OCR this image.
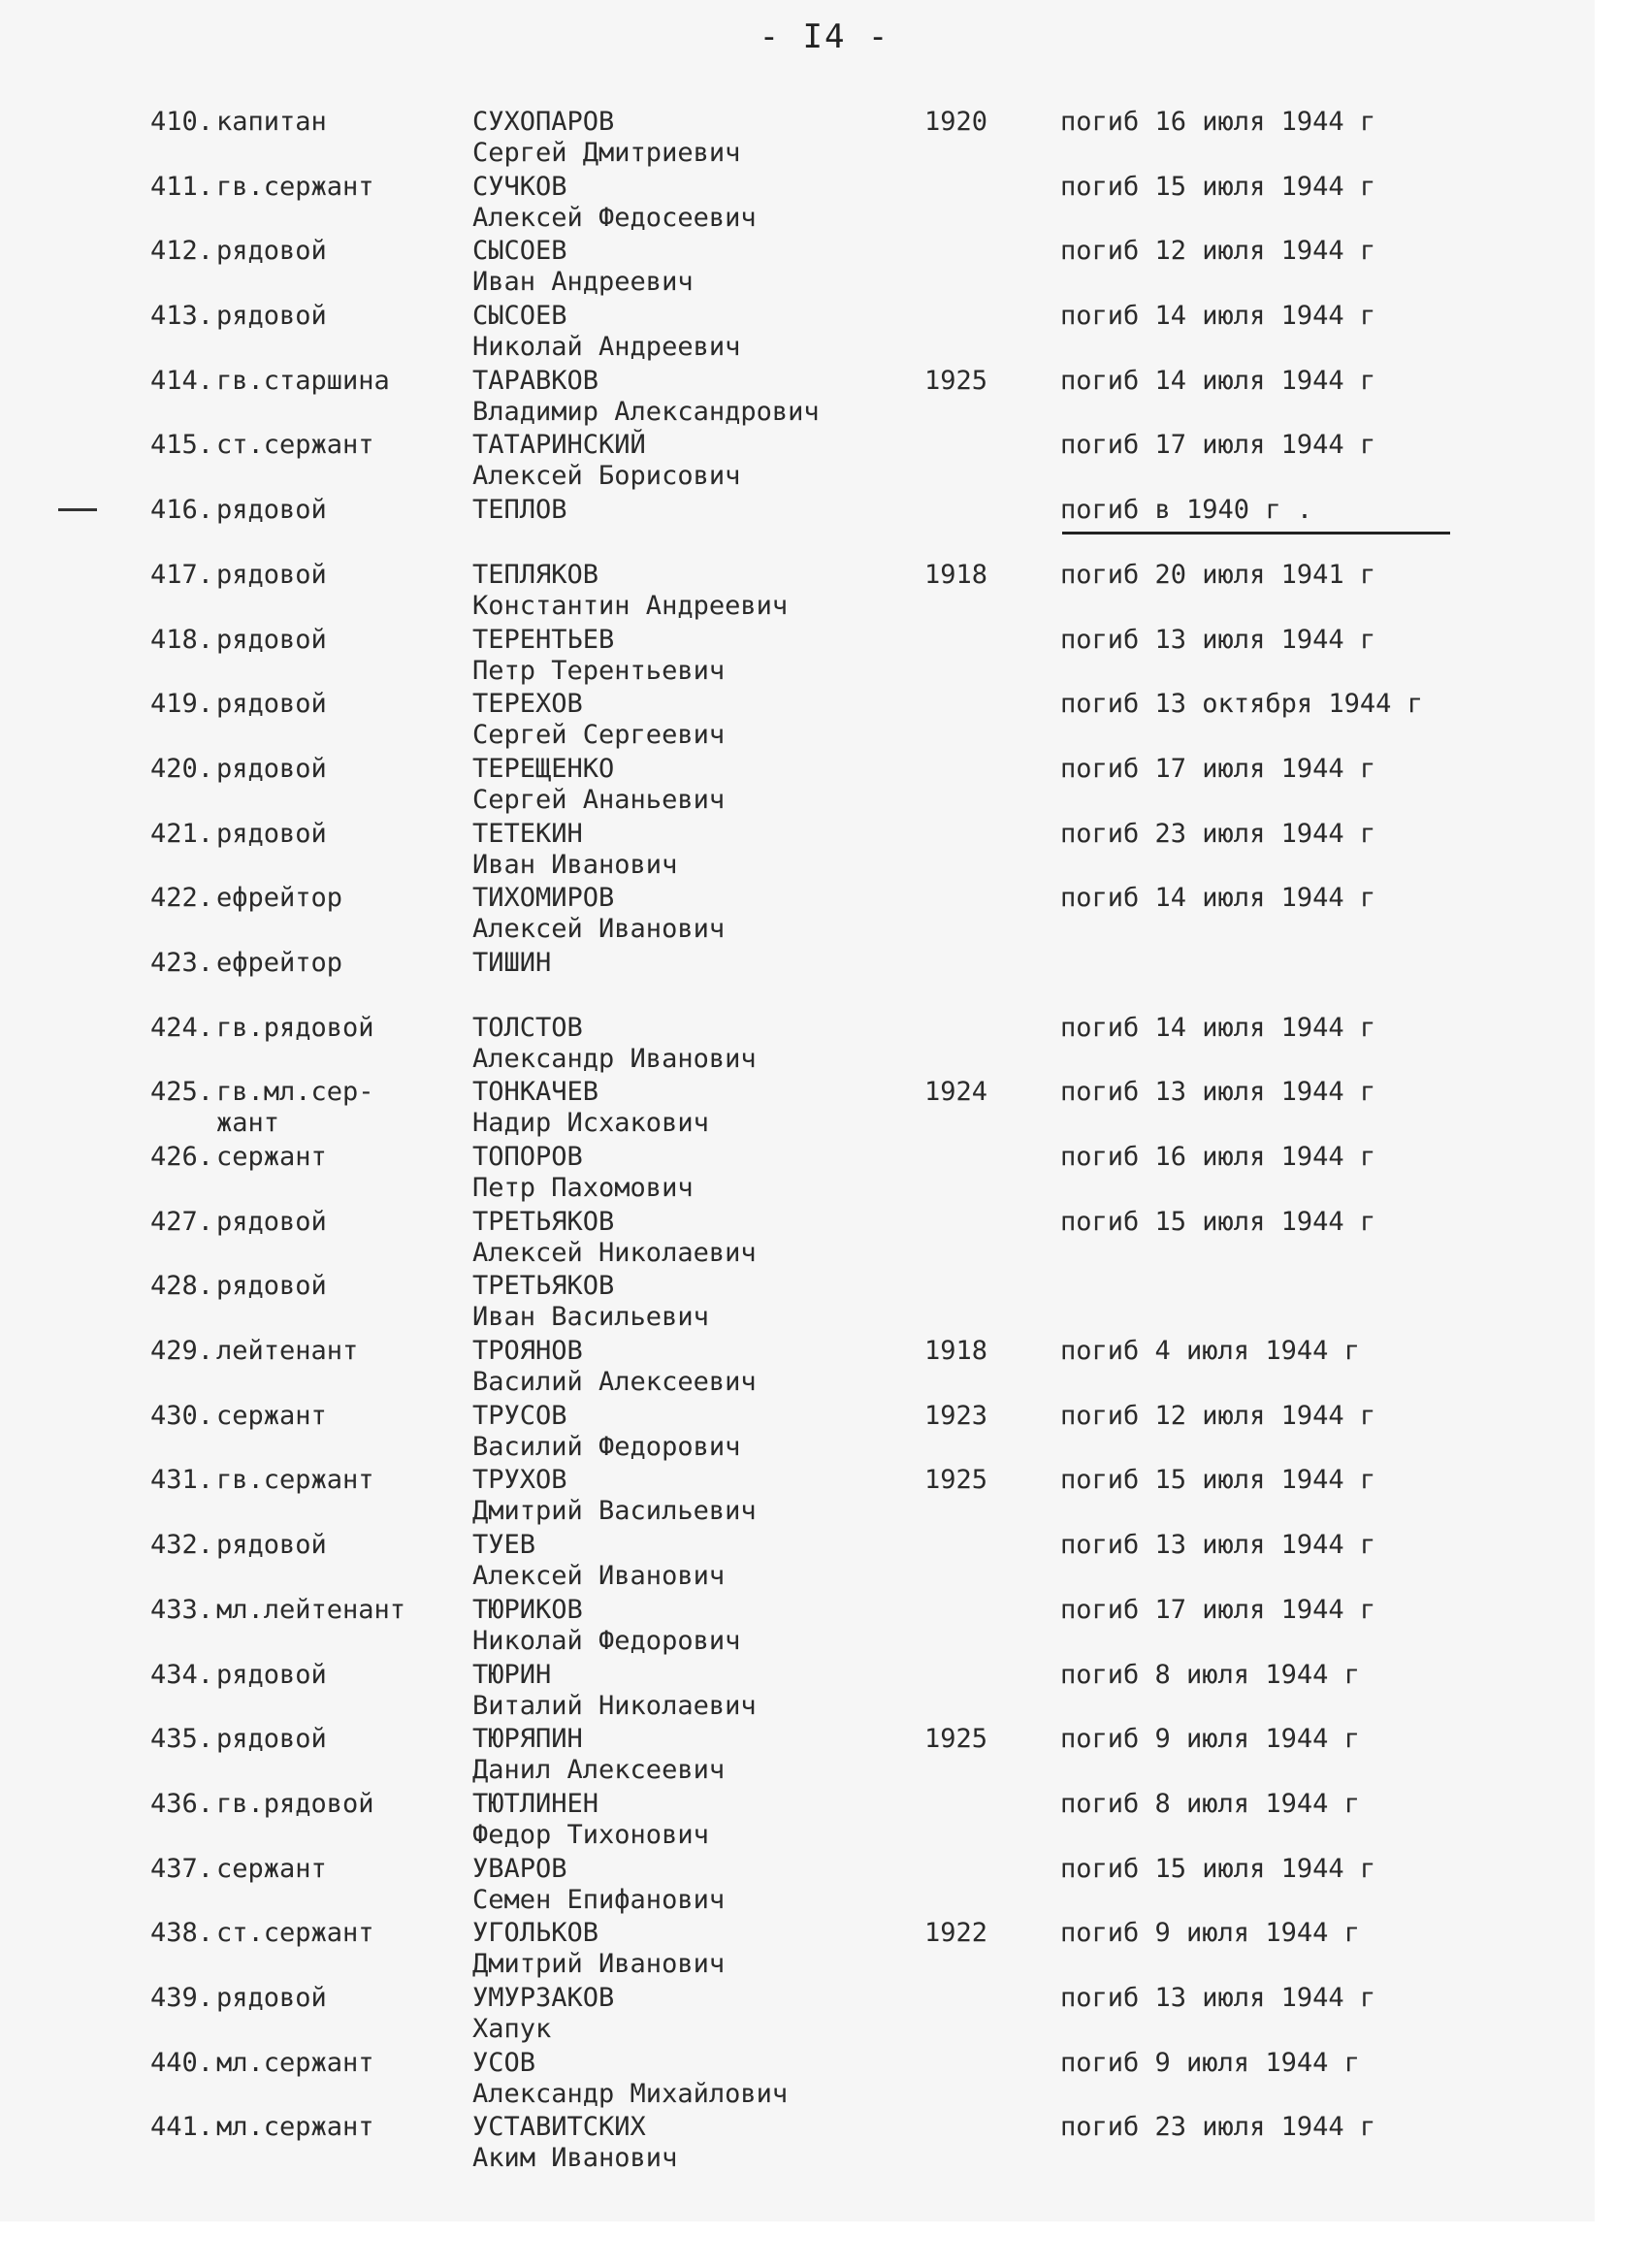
- I4 -
410. капитан	СУХОПАРОВ	1920	погиб 16 июля 1944 г
Сергей Дмитриевич
411. гв.сержант	СУЧКОВ	погиб 15 июля 1944 г
Алексей Федосеевич
412. рядовой	СЫСОЕВ	погиб 12 июля 1944 г
Иван Андреевич
413. рядовой	СЫСОЕВ	погиб 14 июля 1944 г
Николай Андреевич
414. гв.старшина	ТАРАВКОВ	1925	погиб 14 июля 1944 г
Владимир Александрович
415. ст.сержант	ТАТАРИНСКИЙ	погиб 17 июля 1944 г
Алексей Борисович
416. рядовой	ТЕПЛОВ	погиб в 1940 г .
417. рядовой	ТЕПЛЯКОВ	1918	погиб 20 июля 1941 г
Константин Андреевич
418. рядовой	ТЕРЕНТЬЕВ	погиб 13 июля 1944 г
Петр Терентьевич
419. рядовой	ТЕРЕХОВ	погиб 13 октября 1944 г
Сергей Сергеевич
420. рядовой	ТЕРЕЩЕНКО	погиб 17 июля 1944 г
Сергей Ананьевич
421. рядовой	ТЕТЕКИН	погиб 23 июля 1944 г
Иван Иванович
422. ефрейтор	ТИХОМИРОВ	погиб 14 июля 1944 г
Алексей Иванович
423. ефрейтор	ТИШИН
424. гв.рядовой	ТОЛСТОВ	погиб 14 июля 1944 г
Александр Иванович
425. гв.мл.сер-	ТОНКАЧЕВ	1924	погиб 13 июля 1944 г
жант	Надир Исхакович
426. сержант	ТОПОРОВ	погиб 16 июля 1944 г
Петр Пахомович
427. рядовой	ТРЕТЬЯКОВ	погиб 15 июля 1944 г
Алексей Николаевич
428. рядовой	ТРЕТЬЯКОВ
Иван Васильевич
429. лейтенант	ТРОЯНОВ	1918	погиб 4 июля 1944 г
Василий Алексеевич
430. сержант	ТРУСОВ	1923	погиб 12 июля 1944 г
Василий Федорович
431. гв.сержант	ТРУХОВ	1925	погиб 15 июля 1944 г
Дмитрий Васильевич
432. рядовой	ТУЕВ	погиб 13 июля 1944 г
Алексей Иванович
433. мл.лейтенант	ТЮРИКОВ	погиб 17 июля 1944 г
Николай Федорович
434. рядовой	ТЮРИН	погиб 8 июля 1944 г
Виталий Николаевич
435. рядовой	ТЮРЯПИН	1925	погиб 9 июля 1944 г
Данил Алексеевич
436. гв.рядовой	ТЮТЛИНЕН	погиб 8 июля 1944 г
Федор Тихонович
437. сержант	УВАРОВ	погиб 15 июля 1944 г
Семен Епифанович
438. ст.сержант	УГОЛЬКОВ	1922	погиб 9 июля 1944 г
Дмитрий Иванович
439. рядовой	УМУРЗАКОВ	погиб 13 июля 1944 г
Хапук
440. мл.сержант	УСОВ	погиб 9 июля 1944 г
Александр Михайлович
441. мл.сержант	УСТАВИТСКИХ	погиб 23 июля 1944 г
Аким Иванович
